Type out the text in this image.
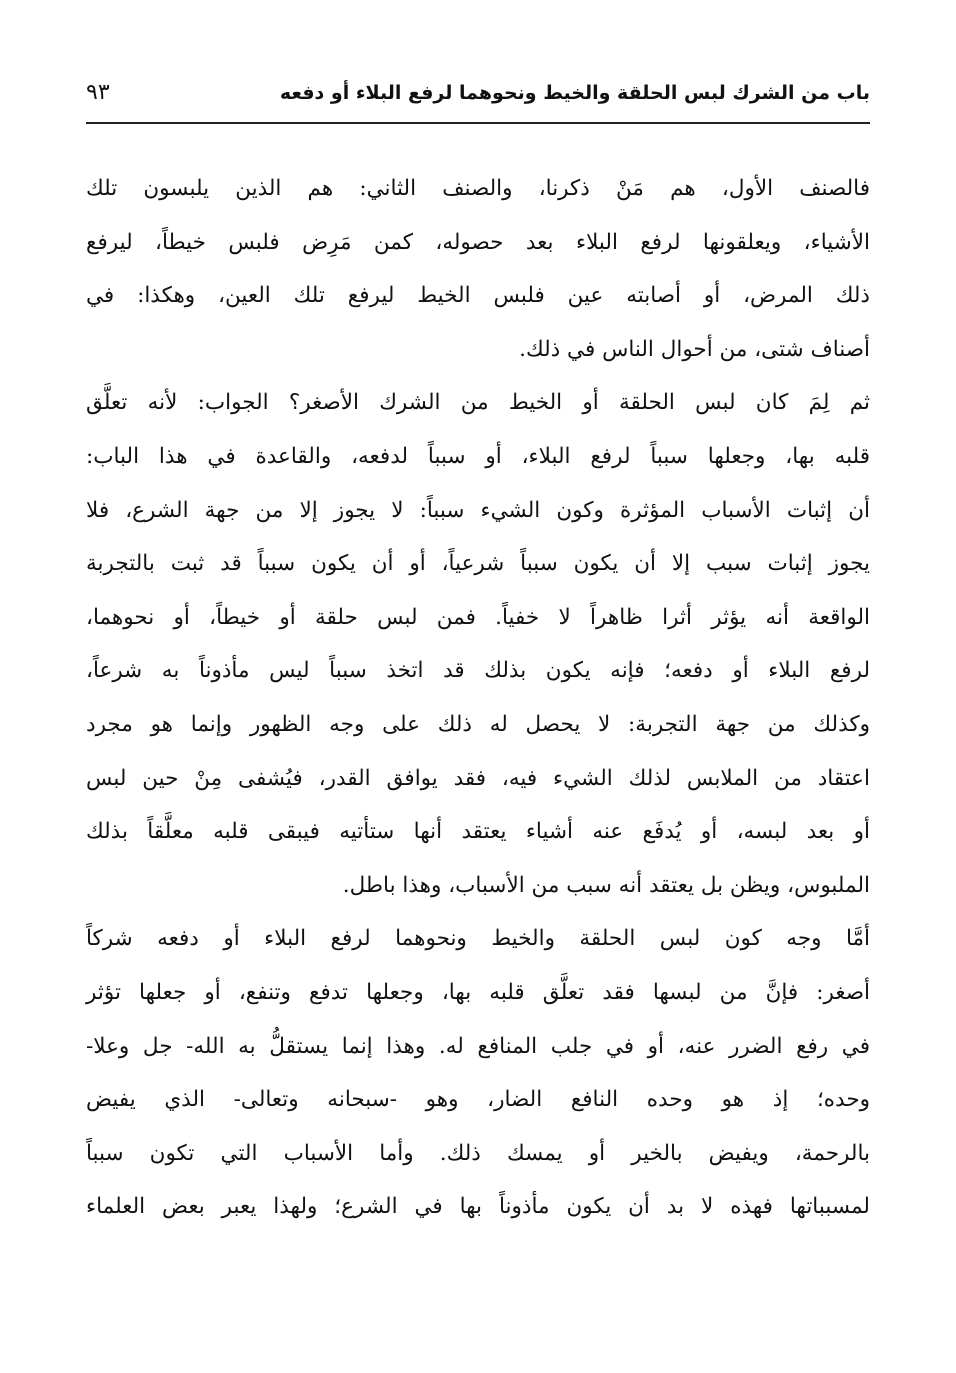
باب من الشرك لبس الحلقة والخيط ونحوهما لرفع البلاء أو دفعه
٩٣

فالصنف الأول، هم مَنْ ذكرنا، والصنف الثاني: هم الذين يلبسون تلك
الأشياء، ويعلقونها لرفع البلاء بعد حصوله، كمن مَرِض فلبس خيطاً، ليرفع
ذلك المرض، أو أصابته عين فلبس الخيط ليرفع تلك العين، وهكذا: في
أصناف شتى، من أحوال الناس في ذلك.

ثم لِمَ كان لبس الحلقة أو الخيط من الشرك الأصغر؟ الجواب: لأنه تعلَّق
قلبه بها، وجعلها سبباً لرفع البلاء، أو سبباً لدفعه، والقاعدة في هذا الباب:
أن إثبات الأسباب المؤثرة وكون الشيء سبباً: لا يجوز إلا من جهة الشرع، فلا
يجوز إثبات سبب إلا أن يكون سبباً شرعياً، أو أن يكون سبباً قد ثبت بالتجربة
الواقعة أنه يؤثر أثرا ظاهراً لا خفياً. فمن لبس حلقة أو خيطاً، أو نحوهما،
لرفع البلاء أو دفعه؛ فإنه يكون بذلك قد اتخذ سبباً ليس مأذوناً به شرعاً،
وكذلك من جهة التجربة: لا يحصل له ذلك على وجه الظهور وإنما هو مجرد
اعتقاد من الملابس لذلك الشيء فيه، فقد يوافق القدر، فيُشفى مِنْ حين لبس
أو بعد لبسه، أو يُدفَع عنه أشياء يعتقد أنها ستأتيه فيبقى قلبه معلَّقاً بذلك
الملبوس، ويظن بل يعتقد أنه سبب من الأسباب، وهذا باطل.

أمَّا وجه كون لبس الحلقة والخيط ونحوهما لرفع البلاء أو دفعه شركاً
أصغر: فإنَّ من لبسها فقد تعلَّق قلبه بها، وجعلها تدفع وتنفع، أو جعلها تؤثر
في رفع الضرر عنه، أو في جلب المنافع له. وهذا إنما يستقلُّ به الله- جل وعلا-
وحده؛ إذ هو وحده النافع الضار، وهو -سبحانه وتعالى- الذي يفيض
بالرحمة، ويفيض بالخير أو يمسك ذلك. وأما الأسباب التي تكون سبباً
لمسبباتها فهذه لا بد أن يكون مأذوناً بها في الشرع؛ ولهذا يعبر بعض العلماء
